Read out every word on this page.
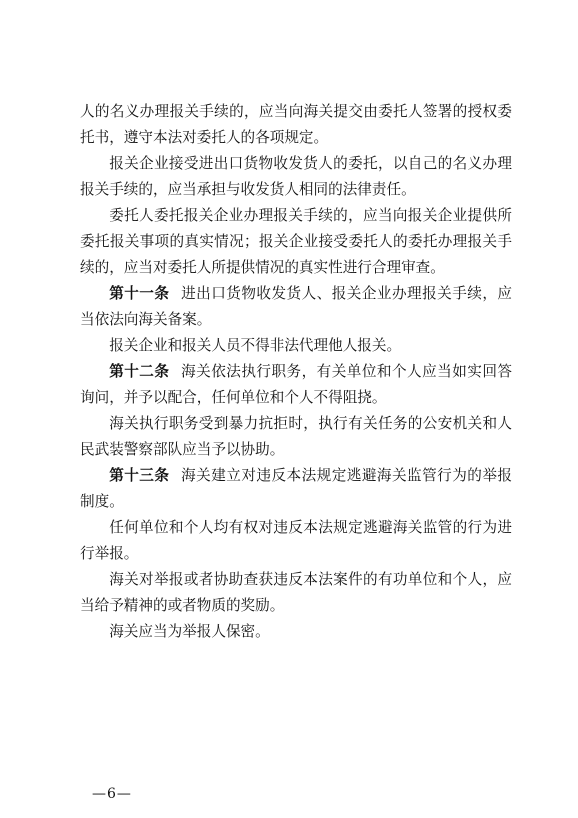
人的名义办理报关手续的，应当向海关提交由委托人签署的授权委托书，遵守本法对委托人的各项规定。

报关企业接受进出口货物收发货人的委托，以自己的名义办理报关手续的，应当承担与收发货人相同的法律责任。

委托人委托报关企业办理报关手续的，应当向报关企业提供所委托报关事项的真实情况；报关企业接受委托人的委托办理报关手续的，应当对委托人所提供情况的真实性进行合理审查。

第十一条 进出口货物收发货人、报关企业办理报关手续，应当依法向海关备案。

报关企业和报关人员不得非法代理他人报关。

第十二条 海关依法执行职务，有关单位和个人应当如实回答询问，并予以配合，任何单位和个人不得阻挠。

海关执行职务受到暴力抗拒时，执行有关任务的公安机关和人民武装警察部队应当予以协助。

第十三条 海关建立对违反本法规定逃避海关监管行为的举报制度。

任何单位和个人均有权对违反本法规定逃避海关监管的行为进行举报。

海关对举报或者协助查获违反本法案件的有功单位和个人，应当给予精神的或者物质的奖励。

海关应当为举报人保密。

—6—
